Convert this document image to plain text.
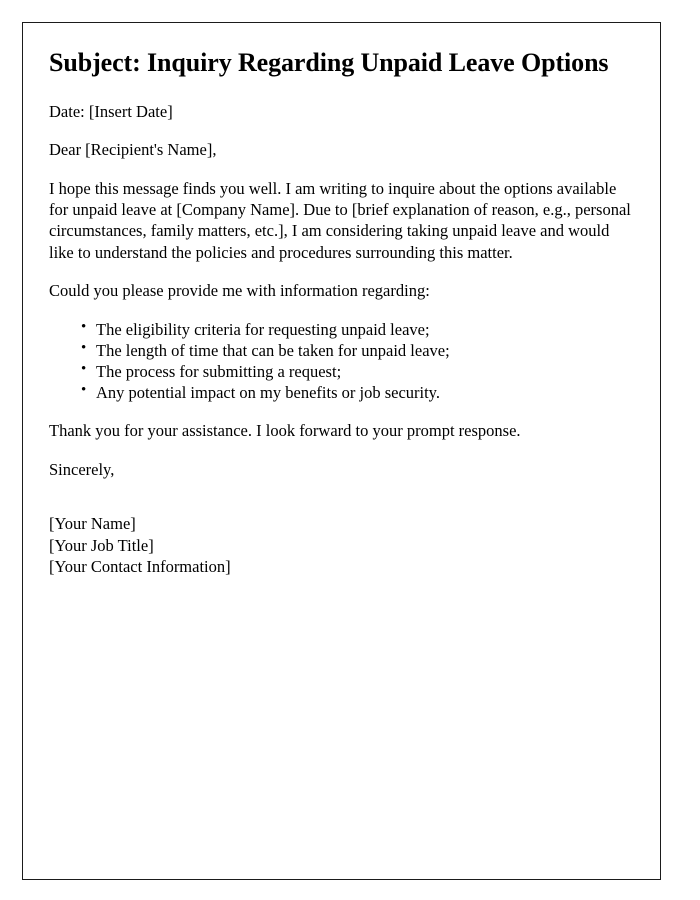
Subject: Inquiry Regarding Unpaid Leave Options

Date: [Insert Date]

Dear [Recipient's Name],

I hope this message finds you well. I am writing to inquire about the options available for unpaid leave at [Company Name]. Due to [brief explanation of reason, e.g., personal circumstances, family matters, etc.], I am considering taking unpaid leave and would like to understand the policies and procedures surrounding this matter.

Could you please provide me with information regarding:

• The eligibility criteria for requesting unpaid leave;
• The length of time that can be taken for unpaid leave;
• The process for submitting a request;
• Any potential impact on my benefits or job security.

Thank you for your assistance. I look forward to your prompt response.

Sincerely,

[Your Name]
[Your Job Title]
[Your Contact Information]
